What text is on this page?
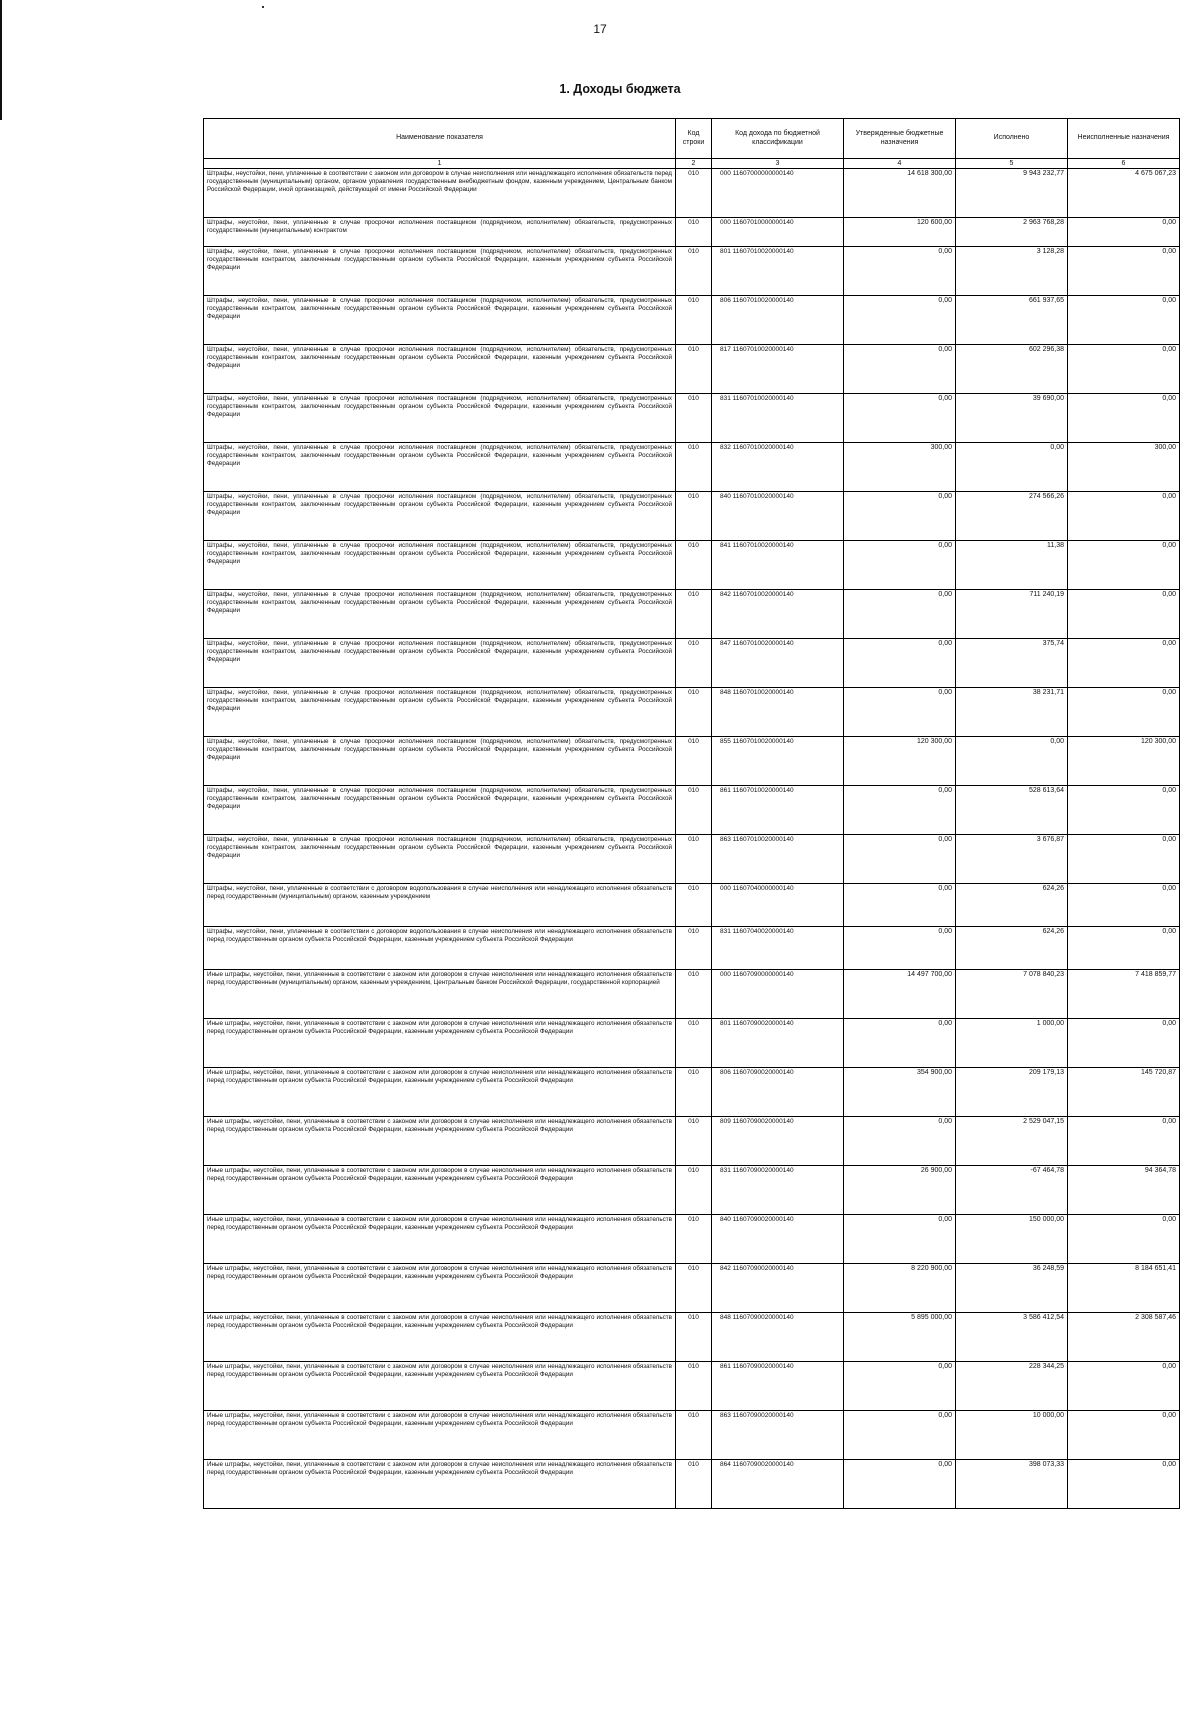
17
1. Доходы бюджета
Наименование показателя	Код строки	Код дохода по бюджетной классификации	Утвержденные бюджетные назначения	Исполнено	Неисполненные назначения
1	2	3	4	5	6
Штрафы, неустойки, пени, уплаченные в соответствии с законом или договором в случае неисполнения или ненадлежащего исполнения обязательств перед государственным (муниципальным) органом, органом управления государственным внебюджетным фондом, казенным учреждением, Центральным банком Российской Федерации, иной организацией, действующей от имени Российской Федерации	010	000 11607000000000140	14 618 300,00	9 943 232,77	4 675 067,23
Штрафы, неустойки, пени, уплаченные в случае просрочки исполнения поставщиком (подрядчиком, исполнителем) обязательств, предусмотренных государственным (муниципальным) контрактом	010	000 11607010000000140	120 600,00	2 963 768,28	0,00
Штрафы, неустойки, пени, уплаченные в случае просрочки исполнения поставщиком (подрядчиком, исполнителем) обязательств, предусмотренных государственным контрактом, заключенным государственным органом субъекта Российской Федерации, казенным учреждением субъекта Российской Федерации	010	801 11607010020000140	0,00	3 128,28	0,00
Штрафы, неустойки, пени, уплаченные в случае просрочки исполнения поставщиком (подрядчиком, исполнителем) обязательств, предусмотренных государственным контрактом, заключенным государственным органом субъекта Российской Федерации, казенным учреждением субъекта Российской Федерации	010	806 11607010020000140	0,00	661 937,65	0,00
Штрафы, неустойки, пени, уплаченные в случае просрочки исполнения поставщиком (подрядчиком, исполнителем) обязательств, предусмотренных государственным контрактом, заключенным государственным органом субъекта Российской Федерации, казенным учреждением субъекта Российской Федерации	010	817 11607010020000140	0,00	602 296,38	0,00
Штрафы, неустойки, пени, уплаченные в случае просрочки исполнения поставщиком (подрядчиком, исполнителем) обязательств, предусмотренных государственным контрактом, заключенным государственным органом субъекта Российской Федерации, казенным учреждением субъекта Российской Федерации	010	831 11607010020000140	0,00	39 690,00	0,00
Штрафы, неустойки, пени, уплаченные в случае просрочки исполнения поставщиком (подрядчиком, исполнителем) обязательств, предусмотренных государственным контрактом, заключенным государственным органом субъекта Российской Федерации, казенным учреждением субъекта Российской Федерации	010	832 11607010020000140	300,00	0,00	300,00
Штрафы, неустойки, пени, уплаченные в случае просрочки исполнения поставщиком (подрядчиком, исполнителем) обязательств, предусмотренных государственным контрактом, заключенным государственным органом субъекта Российской Федерации, казенным учреждением субъекта Российской Федерации	010	840 11607010020000140	0,00	274 566,26	0,00
Штрафы, неустойки, пени, уплаченные в случае просрочки исполнения поставщиком (подрядчиком, исполнителем) обязательств, предусмотренных государственным контрактом, заключенным государственным органом субъекта Российской Федерации, казенным учреждением субъекта Российской Федерации	010	841 11607010020000140	0,00	11,38	0,00
Штрафы, неустойки, пени, уплаченные в случае просрочки исполнения поставщиком (подрядчиком, исполнителем) обязательств, предусмотренных государственным контрактом, заключенным государственным органом субъекта Российской Федерации, казенным учреждением субъекта Российской Федерации	010	842 11607010020000140	0,00	711 240,19	0,00
Штрафы, неустойки, пени, уплаченные в случае просрочки исполнения поставщиком (подрядчиком, исполнителем) обязательств, предусмотренных государственным контрактом, заключенным государственным органом субъекта Российской Федерации, казенным учреждением субъекта Российской Федерации	010	847 11607010020000140	0,00	375,74	0,00
Штрафы, неустойки, пени, уплаченные в случае просрочки исполнения поставщиком (подрядчиком, исполнителем) обязательств, предусмотренных государственным контрактом, заключенным государственным органом субъекта Российской Федерации, казенным учреждением субъекта Российской Федерации	010	848 11607010020000140	0,00	38 231,71	0,00
Штрафы, неустойки, пени, уплаченные в случае просрочки исполнения поставщиком (подрядчиком, исполнителем) обязательств, предусмотренных государственным контрактом, заключенным государственным органом субъекта Российской Федерации, казенным учреждением субъекта Российской Федерации	010	855 11607010020000140	120 300,00	0,00	120 300,00
Штрафы, неустойки, пени, уплаченные в случае просрочки исполнения поставщиком (подрядчиком, исполнителем) обязательств, предусмотренных государственным контрактом, заключенным государственным органом субъекта Российской Федерации, казенным учреждением субъекта Российской Федерации	010	861 11607010020000140	0,00	528 613,64	0,00
Штрафы, неустойки, пени, уплаченные в случае просрочки исполнения поставщиком (подрядчиком, исполнителем) обязательств, предусмотренных государственным контрактом, заключенным государственным органом субъекта Российской Федерации, казенным учреждением субъекта Российской Федерации	010	863 11607010020000140	0,00	3 676,87	0,00
Штрафы, неустойки, пени, уплаченные в соответствии с договором водопользования в случае неисполнения или ненадлежащего исполнения обязательств перед государственным (муниципальным) органом, казенным учреждением	010	000 11607040000000140	0,00	624,26	0,00
Штрафы, неустойки, пени, уплаченные в соответствии с договором водопользования в случае неисполнения или ненадлежащего исполнения обязательств перед государственным органом субъекта Российской Федерации, казенным учреждением субъекта Российской Федерации	010	831 11607040020000140	0,00	624,26	0,00
Иные штрафы, неустойки, пени, уплаченные в соответствии с законом или договором в случае неисполнения или ненадлежащего исполнения обязательств перед государственным (муниципальным) органом, казенным учреждением, Центральным банком Российской Федерации, государственной корпорацией	010	000 11607090000000140	14 497 700,00	7 078 840,23	7 418 859,77
Иные штрафы, неустойки, пени, уплаченные в соответствии с законом или договором в случае неисполнения или ненадлежащего исполнения обязательств перед государственным органом субъекта Российской Федерации, казенным учреждением субъекта Российской Федерации	010	801 11607090020000140	0,00	1 000,00	0,00
Иные штрафы, неустойки, пени, уплаченные в соответствии с законом или договором в случае неисполнения или ненадлежащего исполнения обязательств перед государственным органом субъекта Российской Федерации, казенным учреждением субъекта Российской Федерации	010	806 11607090020000140	354 900,00	209 179,13	145 720,87
Иные штрафы, неустойки, пени, уплаченные в соответствии с законом или договором в случае неисполнения или ненадлежащего исполнения обязательств перед государственным органом субъекта Российской Федерации, казенным учреждением субъекта Российской Федерации	010	809 11607090020000140	0,00	2 529 047,15	0,00
Иные штрафы, неустойки, пени, уплаченные в соответствии с законом или договором в случае неисполнения или ненадлежащего исполнения обязательств перед государственным органом субъекта Российской Федерации, казенным учреждением субъекта Российской Федерации	010	831 11607090020000140	26 900,00	-67 464,78	94 364,78
Иные штрафы, неустойки, пени, уплаченные в соответствии с законом или договором в случае неисполнения или ненадлежащего исполнения обязательств перед государственным органом субъекта Российской Федерации, казенным учреждением субъекта Российской Федерации	010	840 11607090020000140	0,00	150 000,00	0,00
Иные штрафы, неустойки, пени, уплаченные в соответствии с законом или договором в случае неисполнения или ненадлежащего исполнения обязательств перед государственным органом субъекта Российской Федерации, казенным учреждением субъекта Российской Федерации	010	842 11607090020000140	8 220 900,00	36 248,59	8 184 651,41
Иные штрафы, неустойки, пени, уплаченные в соответствии с законом или договором в случае неисполнения или ненадлежащего исполнения обязательств перед государственным органом субъекта Российской Федерации, казенным учреждением субъекта Российской Федерации	010	848 11607090020000140	5 895 000,00	3 586 412,54	2 308 587,46
Иные штрафы, неустойки, пени, уплаченные в соответствии с законом или договором в случае неисполнения или ненадлежащего исполнения обязательств перед государственным органом субъекта Российской Федерации, казенным учреждением субъекта Российской Федерации	010	861 11607090020000140	0,00	228 344,25	0,00
Иные штрафы, неустойки, пени, уплаченные в соответствии с законом или договором в случае неисполнения или ненадлежащего исполнения обязательств перед государственным органом субъекта Российской Федерации, казенным учреждением субъекта Российской Федерации	010	863 11607090020000140	0,00	10 000,00	0,00
Иные штрафы, неустойки, пени, уплаченные в соответствии с законом или договором в случае неисполнения или ненадлежащего исполнения обязательств перед государственным органом субъекта Российской Федерации, казенным учреждением субъекта Российской Федерации	010	864 11607090020000140	0,00	398 073,33	0,00
